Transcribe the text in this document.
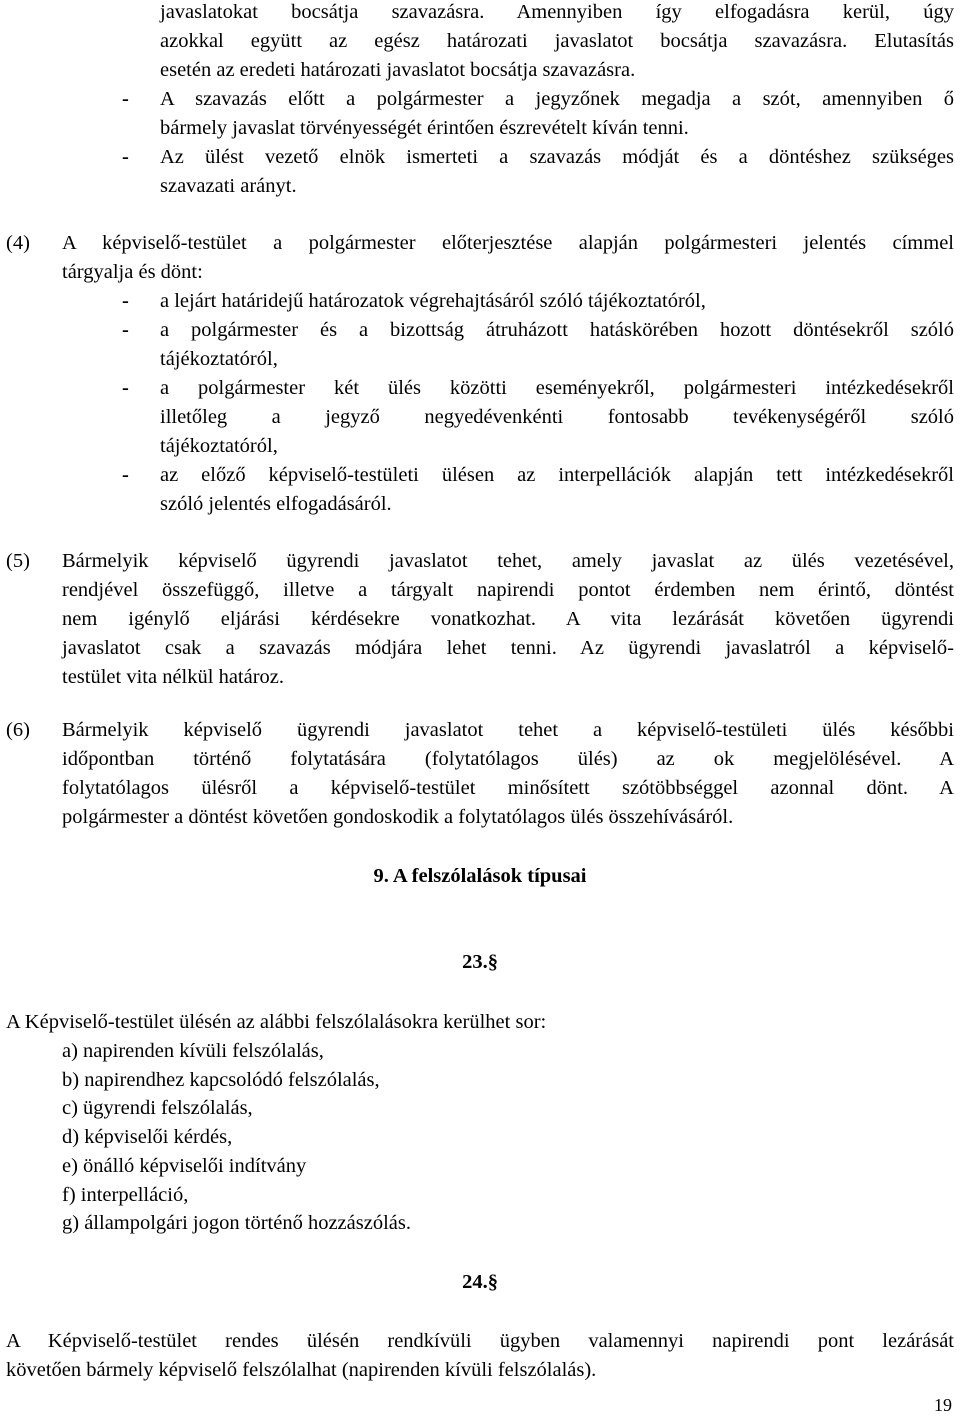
javaslatokat bocsátja szavazásra. Amennyiben így elfogadásra kerül, úgy
azokkal együtt az egész határozati javaslatot bocsátja szavazásra. Elutasítás
esetén az eredeti határozati javaslatot bocsátja szavazásra.
- A szavazás előtt a polgármester a jegyzőnek megadja a szót, amennyiben ő
bármely javaslat törvényességét érintően észrevételt kíván tenni.
- Az ülést vezető elnök ismerteti a szavazás módját és a döntéshez szükséges
szavazati arányt.
(4) A képviselő-testület a polgármester előterjesztése alapján polgármesteri jelentés címmel
tárgyalja és dönt:
- a lejárt határidejű határozatok végrehajtásáról szóló tájékoztatóról,
- a polgármester és a bizottság átruházott hatáskörében hozott döntésekről szóló
tájékoztatóról,
- a polgármester két ülés közötti eseményekről, polgármesteri intézkedésekről
illetőleg a jegyző negyedévenkénti fontosabb tevékenységéről szóló
tájékoztatóról,
- az előző képviselő-testületi ülésen az interpellációk alapján tett intézkedésekről
szóló jelentés elfogadásáról.
(5) Bármelyik képviselő ügyrendi javaslatot tehet, amely javaslat az ülés vezetésével,
rendjével összefüggő, illetve a tárgyalt napirendi pontot érdemben nem érintő, döntést
nem igénylő eljárási kérdésekre vonatkozhat. A vita lezárását követően ügyrendi
javaslatot csak a szavazás módjára lehet tenni. Az ügyrendi javaslatról a képviselő-
testület vita nélkül határoz.
(6) Bármelyik képviselő ügyrendi javaslatot tehet a képviselő-testületi ülés későbbi
időpontban történő folytatására (folytatólagos ülés) az ok megjelölésével. A
folytatólagos ülésről a képviselő-testület minősített szótöbbséggel azonnal dönt. A
polgármester a döntést követően gondoskodik a folytatólagos ülés összehívásáról.
9. A felszólalások típusai
23.§
A Képviselő-testület ülésén az alábbi felszólalásokra kerülhet sor:
a) napirenden kívüli felszólalás,
b) napirendhez kapcsolódó felszólalás,
c) ügyrendi felszólalás,
d) képviselői kérdés,
e) önálló képviselői indítvány
f) interpelláció,
g) állampolgári jogon történő hozzászólás.
24.§
A Képviselő-testület rendes ülésén rendkívüli ügyben valamennyi napirendi pont lezárását
követően bármely képviselő felszólalhat (napirenden kívüli felszólalás).
19
